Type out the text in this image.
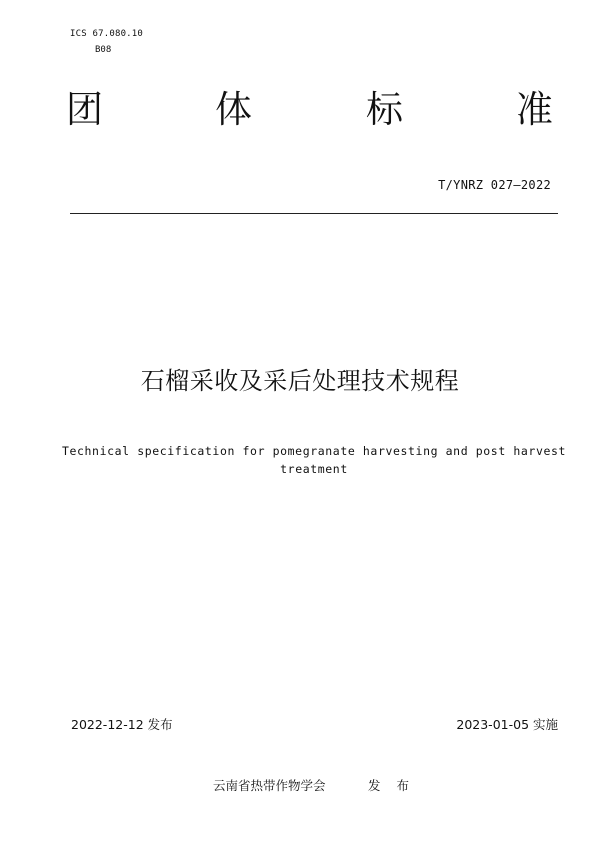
ICS 67.080.10
B08
团	体	标	准
T/YNRZ 027—2022
石榴采收及采后处理技术规程
Technical specification for pomegranate harvesting and post harvest treatment
2022-12-12 发布	2023-01-05 实施
云南省热带作物学会	发 布
